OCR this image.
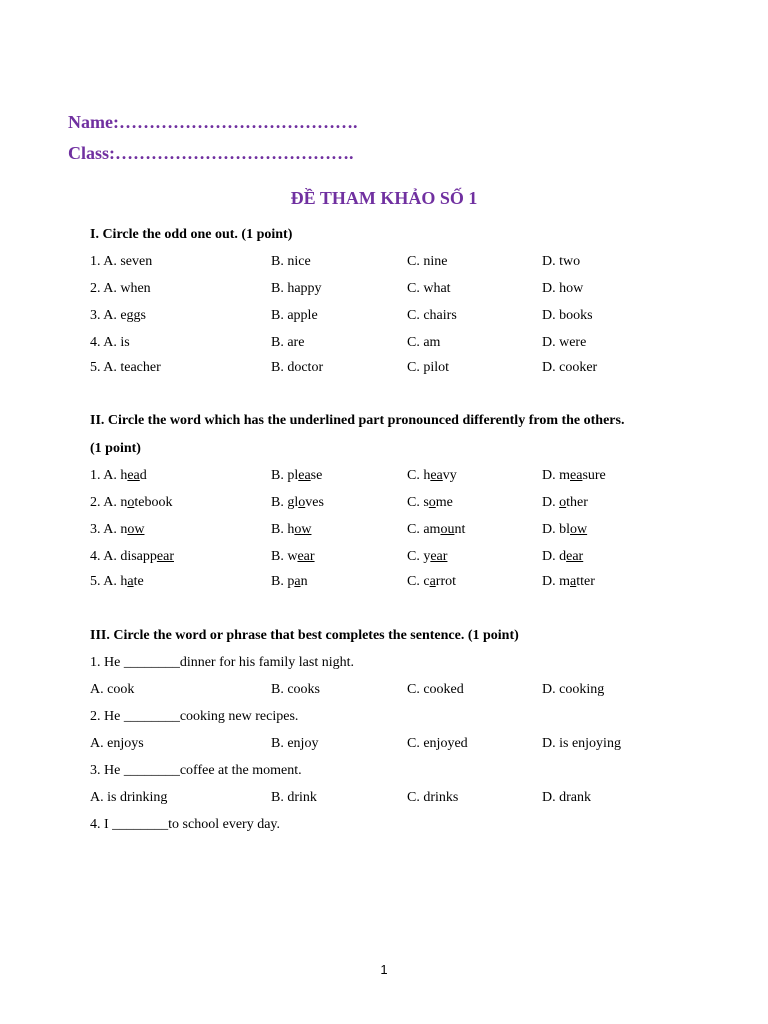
Name:………………………………….
Class:………………………………….
ĐỀ THAM KHẢO SỐ 1
I. Circle the odd one out. (1 point)
1. A. seven	B. nice	C. nine	D. two
2. A. when	B. happy	C. what	D. how
3. A. eggs	B. apple	C. chairs	D. books
4. A. is	B. are	C. am	D. were
5. A. teacher	B. doctor	C. pilot	D. cooker
II. Circle the word which has the underlined part pronounced differently from the others.
(1 point)
1. A. head	B. please	C. heavy	D. measure
2. A. notebook	B. gloves	C. some	D. other
3. A. now	B. how	C. amount	D. blow
4. A. disappear	B. wear	C. year	D. dear
5. A. hate	B. pan	C. carrot	D. matter
III. Circle the word or phrase that best completes the sentence. (1 point)
1. He ________dinner for his family last night.
A. cook	B. cooks	C. cooked	D. cooking
2. He ________cooking new recipes.
A. enjoys	B. enjoy	C. enjoyed	D. is enjoying
3. He ________coffee at the moment.
A. is drinking	B. drink	C. drinks	D. drank
4. I ________to school every day.
1
